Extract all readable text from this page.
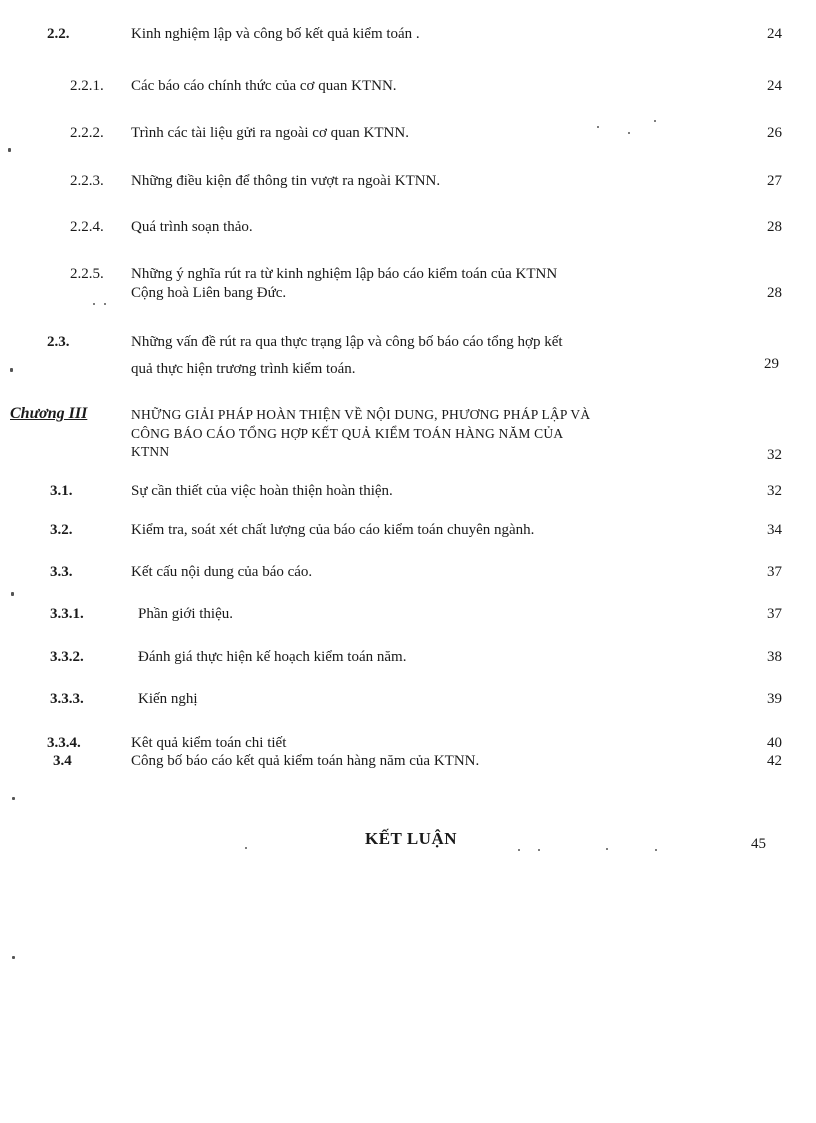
2.2.	Kinh nghiệm lập và công bố kết quả kiểm toán .	24
2.2.1. Các báo cáo chính thức của cơ quan KTNN.	24
2.2.2. Trình các tài liệu gửi ra ngoài cơ quan KTNN.	26
2.2.3. Những điều kiện để thông tin vượt ra ngoài KTNN.	27
2.2.4. Quá trình soạn thảo.	28
2.2.5. Những ý nghĩa rút ra từ kinh nghiệm lập báo cáo kiểm toán của KTNN
Cộng hoà Liên bang Đức.	28
2.3.	Những vấn đề rút ra qua thực trạng lập và công bố báo cáo tổng hợp kết
quả thực hiện trương trình kiểm toán.	29
Chương III	NHỮNG GIẢI PHÁP HOÀN THIỆN VỀ NỘI DUNG, PHƯƠNG PHÁP LẬP VÀ
CÔNG BÁO CÁO TỔNG HỢP KẾT QUẢ KIỂM TOÁN HÀNG NĂM CỦA
KTNN	32
3.1.	Sự cần thiết của việc hoàn thiện hoàn thiện.	32
3.2.	Kiểm tra, soát xét chất lượng của báo cáo kiểm toán chuyên ngành.	34
3.3.	Kết cấu nội dung của báo cáo.	37
3.3.1.	Phần giới thiệu.	37
3.3.2.	Đánh giá thực hiện kế hoạch kiểm toán năm.	38
3.3.3.	Kiến nghị	39
3.3.4.	Kêt quả kiểm toán chi tiết	40
3.4	Công bố báo cáo kết quả kiểm toán hàng năm của KTNN.	42
KẾT LUẬN	45
